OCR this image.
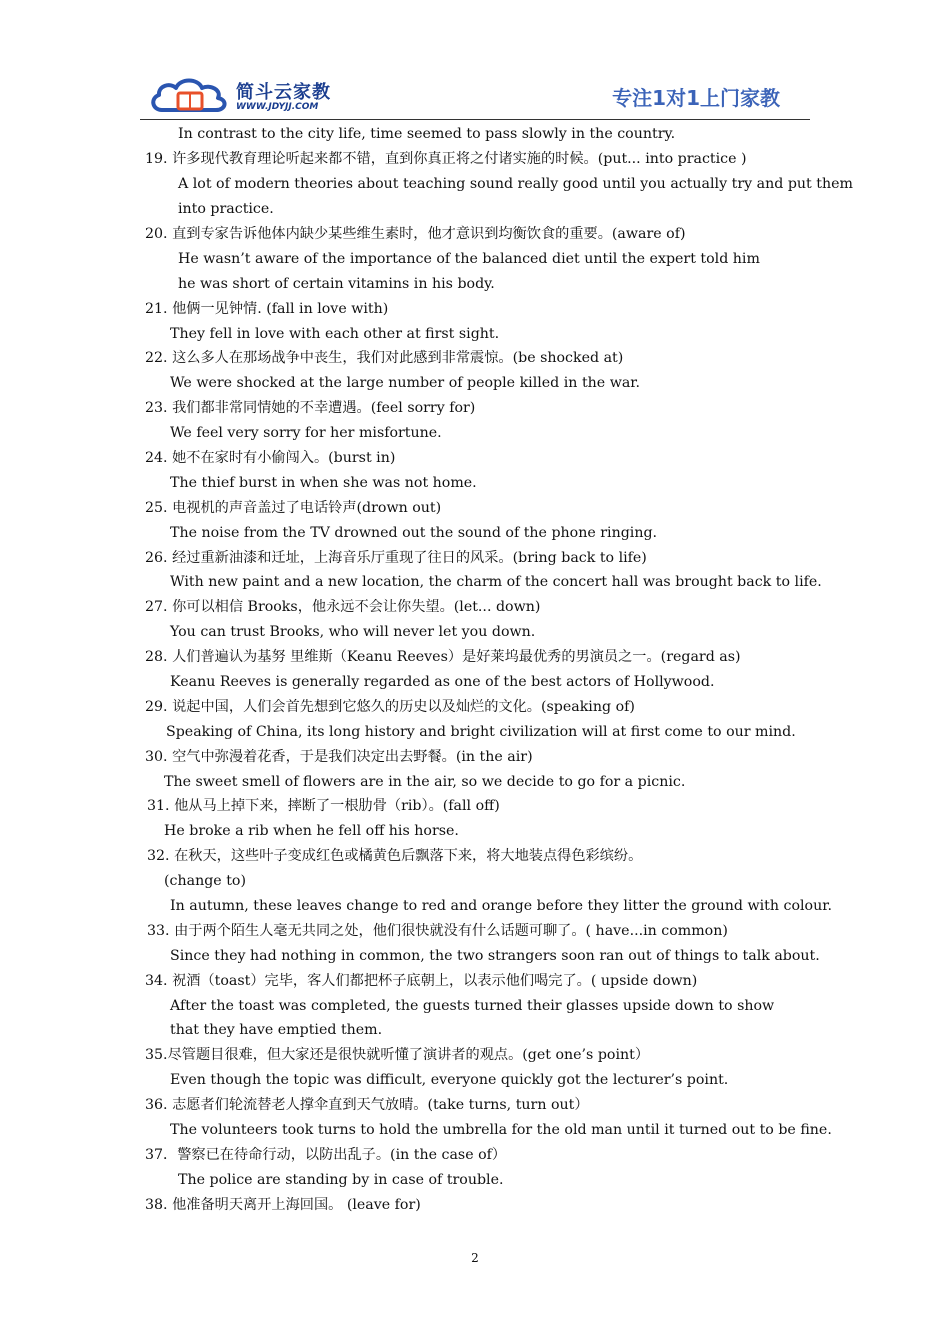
简斗云家教
WWW.JDYJJ.COM	专注1对1上门家教
In contrast to the city life, time seemed to pass slowly in the country.
19. 许多现代教育理论听起来都不错，直到你真正将之付诸实施的时候。(put... into practice )
A lot of modern theories about teaching sound really good until you actually try and put them
into practice.
20. 直到专家告诉他体内缺少某些维生素时，他才意识到均衡饮食的重要。(aware of)
He wasn’t aware of the importance of the balanced diet until the expert told him
he was short of certain vitamins in his body.
21. 他俩一见钟情. (fall in love with)
They fell in love with each other at first sight.
22. 这么多人在那场战争中丧生，我们对此感到非常震惊。(be shocked at)
We were shocked at the large number of people killed in the war.
23. 我们都非常同情她的不幸遭遇。(feel sorry for)
We feel very sorry for her misfortune.
24. 她不在家时有小偷闯入。(burst in)
The thief burst in when she was not home.
25. 电视机的声音盖过了电话铃声(drown out)
The noise from the TV drowned out the sound of the phone ringing.
26. 经过重新油漆和迁址，上海音乐厅重现了往日的风采。(bring back to life)
With new paint and a new location, the charm of the concert hall was brought back to life.
27. 你可以相信 Brooks，他永远不会让你失望。(let... down)
You can trust Brooks, who will never let you down.
28. 人们普遍认为基努 里维斯（Keanu Reeves）是好莱坞最优秀的男演员之一。(regard as)
Keanu Reeves is generally regarded as one of the best actors of Hollywood.
29. 说起中国，人们会首先想到它悠久的历史以及灿烂的文化。(speaking of)
Speaking of China, its long history and bright civilization will at first come to our mind.
30. 空气中弥漫着花香，于是我们决定出去野餐。(in the air)
The sweet smell of flowers are in the air, so we decide to go for a picnic.
31. 他从马上掉下来，摔断了一根肋骨（rib）。(fall off)
He broke a rib when he fell off his horse.
32. 在秋天，这些叶子变成红色或橘黄色后飘落下来，将大地装点得色彩缤纷。
(change to)
In autumn, these leaves change to red and orange before they litter the ground with colour.
33. 由于两个陌生人毫无共同之处，他们很快就没有什么话题可聊了。( have...in common)
Since they had nothing in common, the two strangers soon ran out of things to talk about.
34. 祝酒（toast）完毕，客人们都把杯子底朝上，以表示他们喝完了。( upside down)
After the toast was completed, the guests turned their glasses upside down to show
that they have emptied them.
35.尽管题目很难，但大家还是很快就听懂了演讲者的观点。(get one’s point）
Even though the topic was difficult, everyone quickly got the lecturer’s point.
36. 志愿者们轮流替老人撑伞直到天气放晴。(take turns, turn out）
The volunteers took turns to hold the umbrella for the old man until it turned out to be fine.
37．警察已在待命行动，以防出乱子。(in the case of）
The police are standing by in case of trouble.
38. 他准备明天离开上海回国。 (leave for)
2
